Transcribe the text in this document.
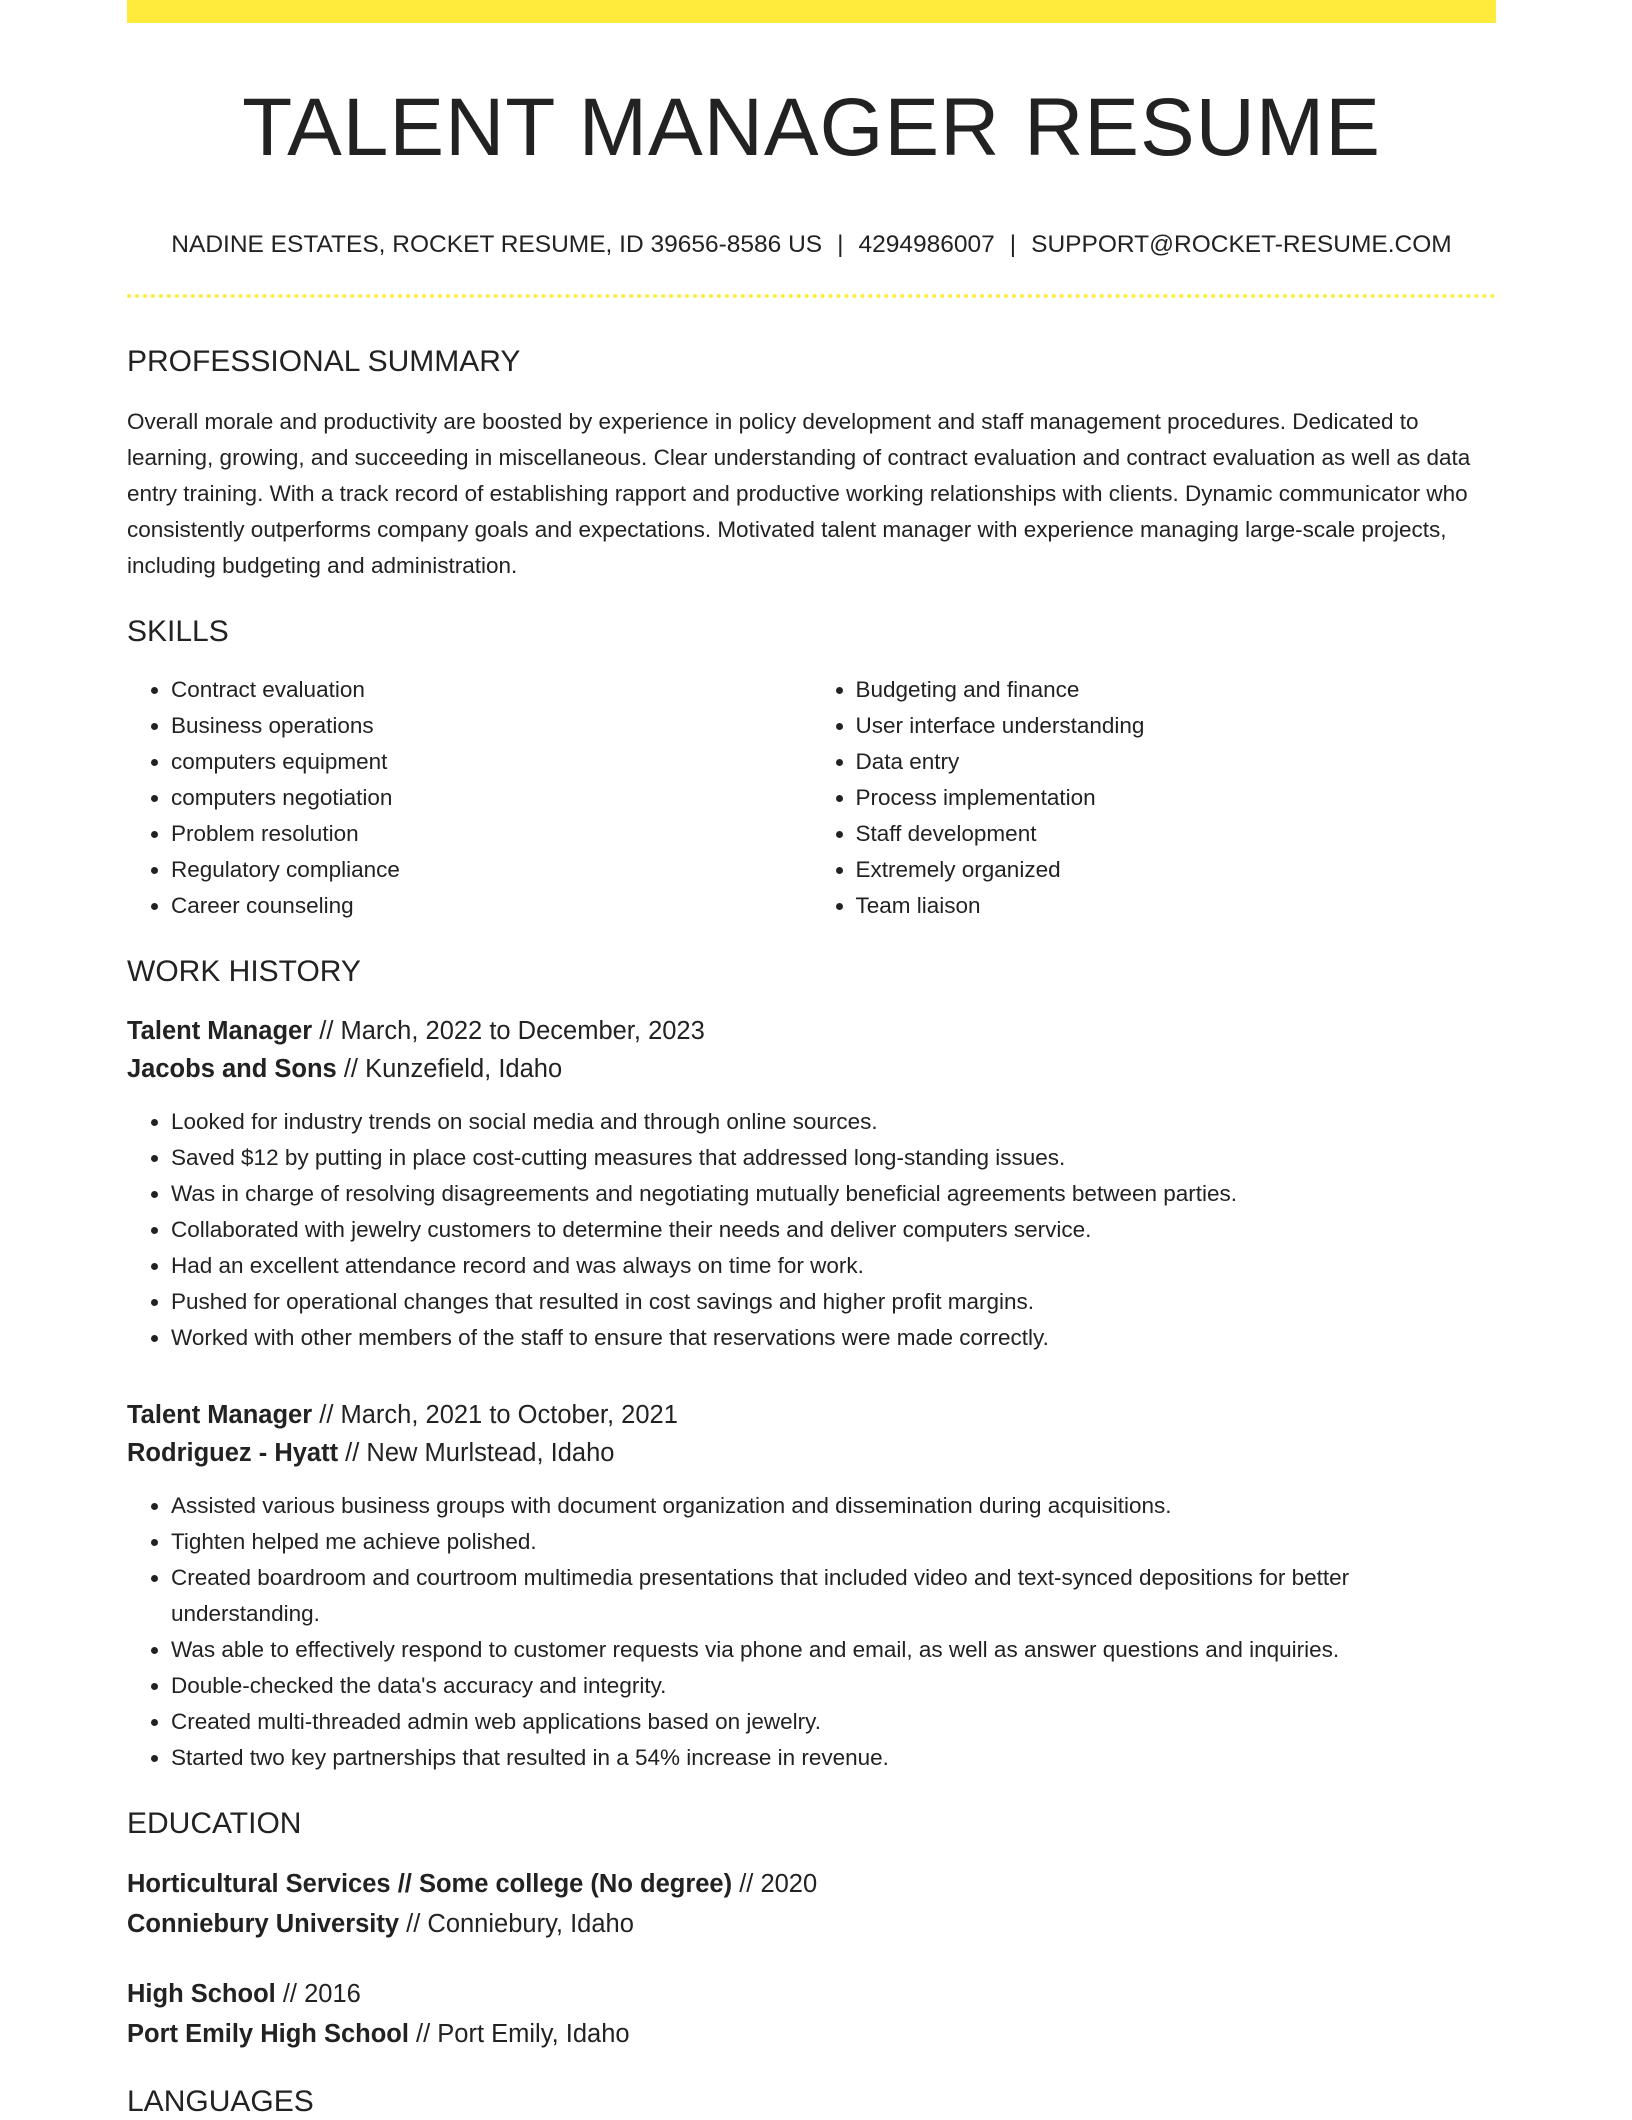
TALENT MANAGER RESUME
NADINE ESTATES, ROCKET RESUME, ID 39656-8586 US | 4294986007 | SUPPORT@ROCKET-RESUME.COM
PROFESSIONAL SUMMARY

Overall morale and productivity are boosted by experience in policy development and staff management procedures. Dedicated to learning, growing, and succeeding in miscellaneous. Clear understanding of contract evaluation and contract evaluation as well as data entry training. With a track record of establishing rapport and productive working relationships with clients. Dynamic communicator who consistently outperforms company goals and expectations. Motivated talent manager with experience managing large-scale projects, including budgeting and administration.

SKILLS
• Contract evaluation
• Business operations
• computers equipment
• computers negotiation
• Problem resolution
• Regulatory compliance
• Career counseling
• Budgeting and finance
• User interface understanding
• Data entry
• Process implementation
• Staff development
• Extremely organized
• Team liaison
WORK HISTORY
Talent Manager // March, 2022 to December, 2023
Jacobs and Sons // Kunzefield, Idaho
• Looked for industry trends on social media and through online sources.
• Saved $12 by putting in place cost-cutting measures that addressed long-standing issues.
• Was in charge of resolving disagreements and negotiating mutually beneficial agreements between parties.
• Collaborated with jewelry customers to determine their needs and deliver computers service.
• Had an excellent attendance record and was always on time for work.
• Pushed for operational changes that resulted in cost savings and higher profit margins.
• Worked with other members of the staff to ensure that reservations were made correctly.
Talent Manager // March, 2021 to October, 2021
Rodriguez - Hyatt // New Murlstead, Idaho
• Assisted various business groups with document organization and dissemination during acquisitions.
• Tighten helped me achieve polished.
• Created boardroom and courtroom multimedia presentations that included video and text-synced depositions for better understanding.
• Was able to effectively respond to customer requests via phone and email, as well as answer questions and inquiries.
• Double-checked the data's accuracy and integrity.
• Created multi-threaded admin web applications based on jewelry.
• Started two key partnerships that resulted in a 54% increase in revenue.
EDUCATION
Horticultural Services // Some college (No degree) // 2020
Conniebury University // Conniebury, Idaho
High School // 2016
Port Emily High School // Port Emily, Idaho
LANGUAGES
